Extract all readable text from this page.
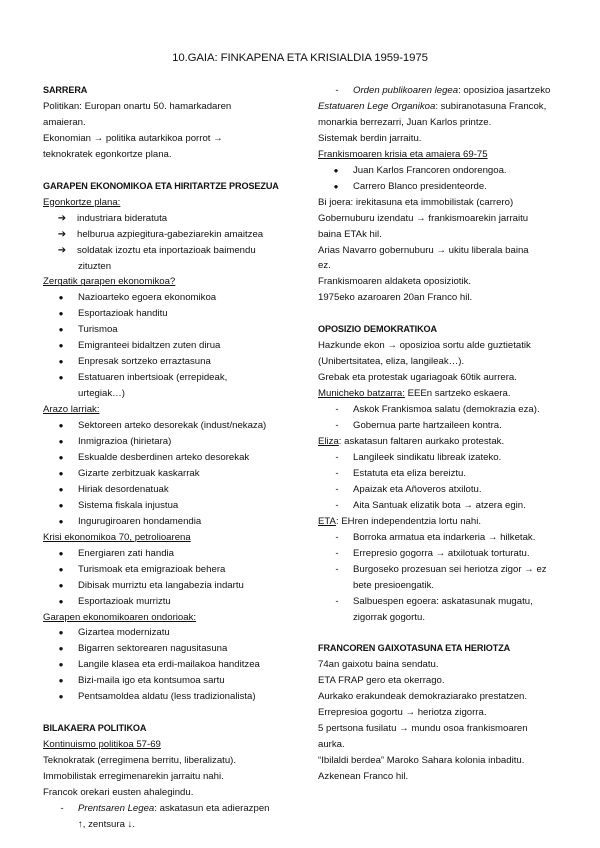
10.GAIA: FINKAPENA ETA KRISIALDIA 1959-1975
SARRERA
Politikan: Europan onartu 50. hamarkadaren
amaieran.
Ekonomian → politika autarkikoa porrot →
teknokratek egonkortze plana.
GARAPEN EKONOMIKOA ETA HIRITARTZE PROSEZUA
Egonkortze plana:
➔ industriara bideratuta
➔ helburua azpiegitura-gabeziarekin amaitzea
➔ soldatak izoztu eta inportazioak baimendu
zituzten
Zergatik garapen ekonomikoa?
● Nazioarteko egoera ekonomikoa
● Esportazioak handitu
● Turismoa
● Emigranteei bidaltzen zuten dirua
● Enpresak sortzeko erraztasuna
● Estatuaren inbertsioak (errepideak,
urtegiak…)
Arazo larriak:
● Sektoreen arteko desorekak (indust/nekaza)
● Inmigrazioa (hirietara)
● Eskualde desberdinen arteko desorekak
● Gizarte zerbitzuak kaskarrak
● Hiriak desordenatuak
● Sistema fiskala injustua
● Ingurugiroaren hondamendia
Krisi ekonomikoa 70, petrolioarena
● Energiaren zati handia
● Turismoak eta emigrazioak behera
● Dibisak murriztu eta langabezia indartu
● Esportazioak murriztu
Garapen ekonomikoaren ondorioak:
● Gizartea modernizatu
● Bigarren sektorearen nagusitasuna
● Langile klasea eta erdi-mailakoa handitzea
● Bizi-maila igo eta kontsumoa sartu
● Pentsamoldea aldatu (less tradizionalista)
BILAKAERA POLITIKOA
Kontinuismo politikoa 57-69
Teknokratak (erregimena berritu, liberalizatu).
Immobilistak erregimenarekin jarraitu nahi.
Francok orekari eusten ahalegindu.
-	Prentsaren Legea: askatasun eta adierazpen
↑, zentsura ↓.
-	Orden publikoaren legea: oposizioa jasartzeko
Estatuaren Lege Organikoa: subiranotasuna Francok,
monarkia berrezarri, Juan Karlos printze.
Sistemak berdin jarraitu.
Frankismoaren krisia eta amaiera 69-75
● Juan Karlos Francoren ondorengoa.
● Carrero Blanco presidenteorde.
Bi joera: irekitasuna eta immobilistak (carrero)
Gobernuburu izendatu → frankismoarekin jarraitu
baina ETAk hil.
Arias Navarro gobernuburu → ukitu liberala baina
ez.
Frankismoaren aldaketa oposiziotik.
1975eko azaroaren 20an Franco hil.
OPOSIZIO DEMOKRATIKOA
Hazkunde ekon → oposizioa sortu alde guztietatik
(Unibertsitatea, eliza, langileak…).
Grebak eta protestak ugariagoak 60tik aurrera.
Municheko batzarra: EEEn sartzeko eskaera.
-	Askok Frankismoa salatu (demokrazia eza).
-	Gobernua parte hartzaileen kontra.
Eliza: askatasun faltaren aurkako protestak.
-	Langileek sindikatu libreak izateko.
-	Estatuta eta eliza bereiztu.
-	Apaizak eta Añoveros atxilotu.
-	Aita Santuak elizatik bota → atzera egin.
ETA: EHren independentzia lortu nahi.
-	Borroka armatua eta indarkeria → hilketak.
-	Errepresio gogorra → atxilotuak torturatu.
-	Burgoseko prozesuan sei heriotza zigor → ez
bete presioengatik.
-	Salbuespen egoera: askatasunak mugatu,
zigorrak gogortu.
FRANCOREN GAIXOTASUNA ETA HERIOTZA
74an gaixotu baina sendatu.
ETA FRAP gero eta okerrago.
Aurkako erakundeak demokraziarako prestatzen.
Errepresioa gogortu → heriotza zigorra.
5 pertsona fusilatu → mundu osoa frankismoaren
aurka.
“Ibilaldi berdea” Maroko Sahara kolonia inbaditu.
Azkenean Franco hil.
